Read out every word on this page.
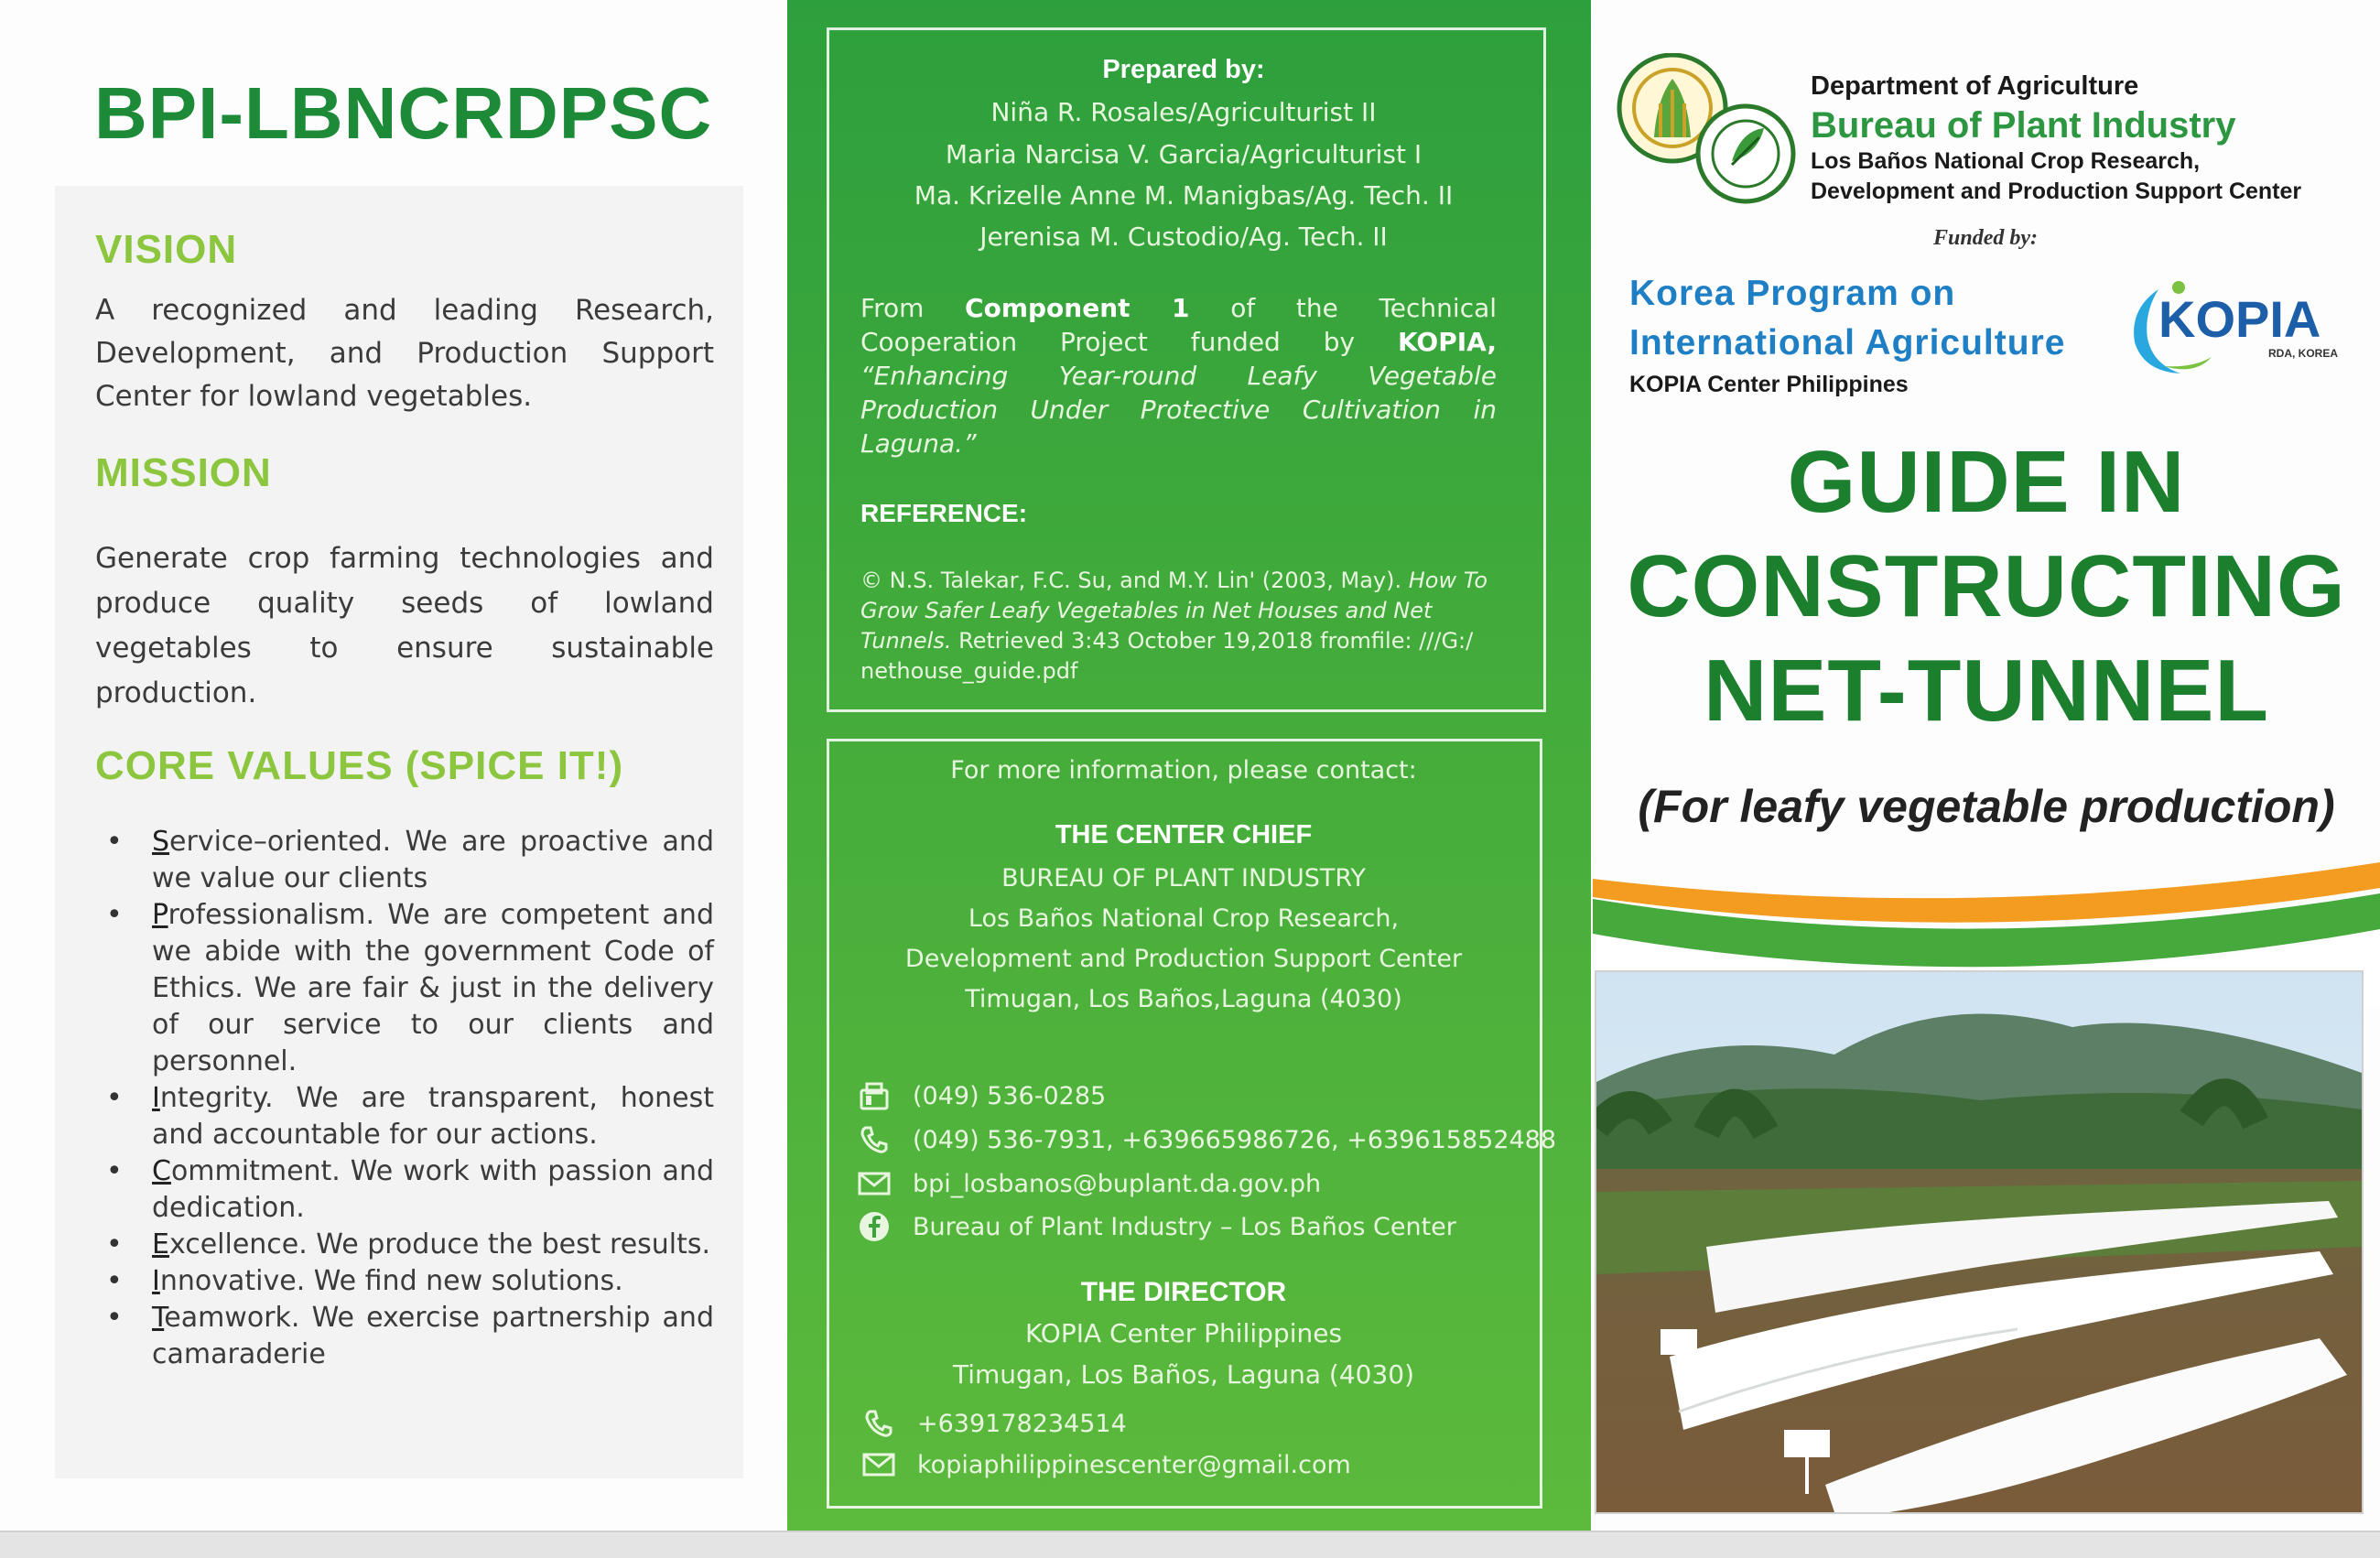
BPI-LBNCRDPSC
VISION

A recognized and leading Research, Development, and Production Support Center for lowland vegetables.

MISSION

Generate crop farming technologies and produce quality seeds of lowland vegetables to ensure sustainable production.

CORE VALUES (SPICE IT!)
• Service–oriented. We are proactive and we value our clients
• Professionalism. We are competent and we abide with the government Code of Ethics. We are fair & just in the delivery of our service to our clients and personnel.
• Integrity. We are transparent, honest and accountable for our actions.
• Commitment. We work with passion and dedication.
• Excellence. We produce the best results.
• Innovative. We find new solutions.
• Teamwork. We exercise partnership and camaraderie

Prepared by:

Niña R. Rosales/Agriculturist II

Maria Narcisa V. Garcia/Agriculturist I

Ma. Krizelle Anne M. Manigbas/Ag. Tech. II

Jerenisa M. Custodio/Ag. Tech. II

From Component 1 of the Technical Cooperation Project funded by KOPIA, “Enhancing Year-round Leafy Vegetable Production Under Protective Cultivation in Laguna.”

REFERENCE:

© N.S. Talekar, F.C. Su, and M.Y. Lin' (2003, May). How To Grow Safer Leafy Vegetables in Net Houses and Net Tunnels. Retrieved 3:43 October 19,2018 fromfile: ///G:/ nethouse_guide.pdf

For more information, please contact:

THE CENTER CHIEF

BUREAU OF PLANT INDUSTRY

Los Baños National Crop Research,

Development and Production Support Center

Timugan, Los Baños,Laguna (4030)

(049) 536-0285
(049) 536-7931, +639665986726, +639615852488
bpi_losbanos@buplant.da.gov.ph
Bureau of Plant Industry – Los Baños Center

THE DIRECTOR

KOPIA Center Philippines

Timugan, Los Baños, Laguna (4030)

+639178234514
kopiaphilippinescenter@gmail.com
Department of Agriculture
Bureau of Plant Industry
Los Baños National Crop Research,
Development and Production Support Center

Funded by:

Korea Program on
International Agriculture
KOPIA Center Philippines
KOPIA
RDA, KOREA
GUIDE IN
CONSTRUCTING
NET-TUNNEL

(For leafy vegetable production)
